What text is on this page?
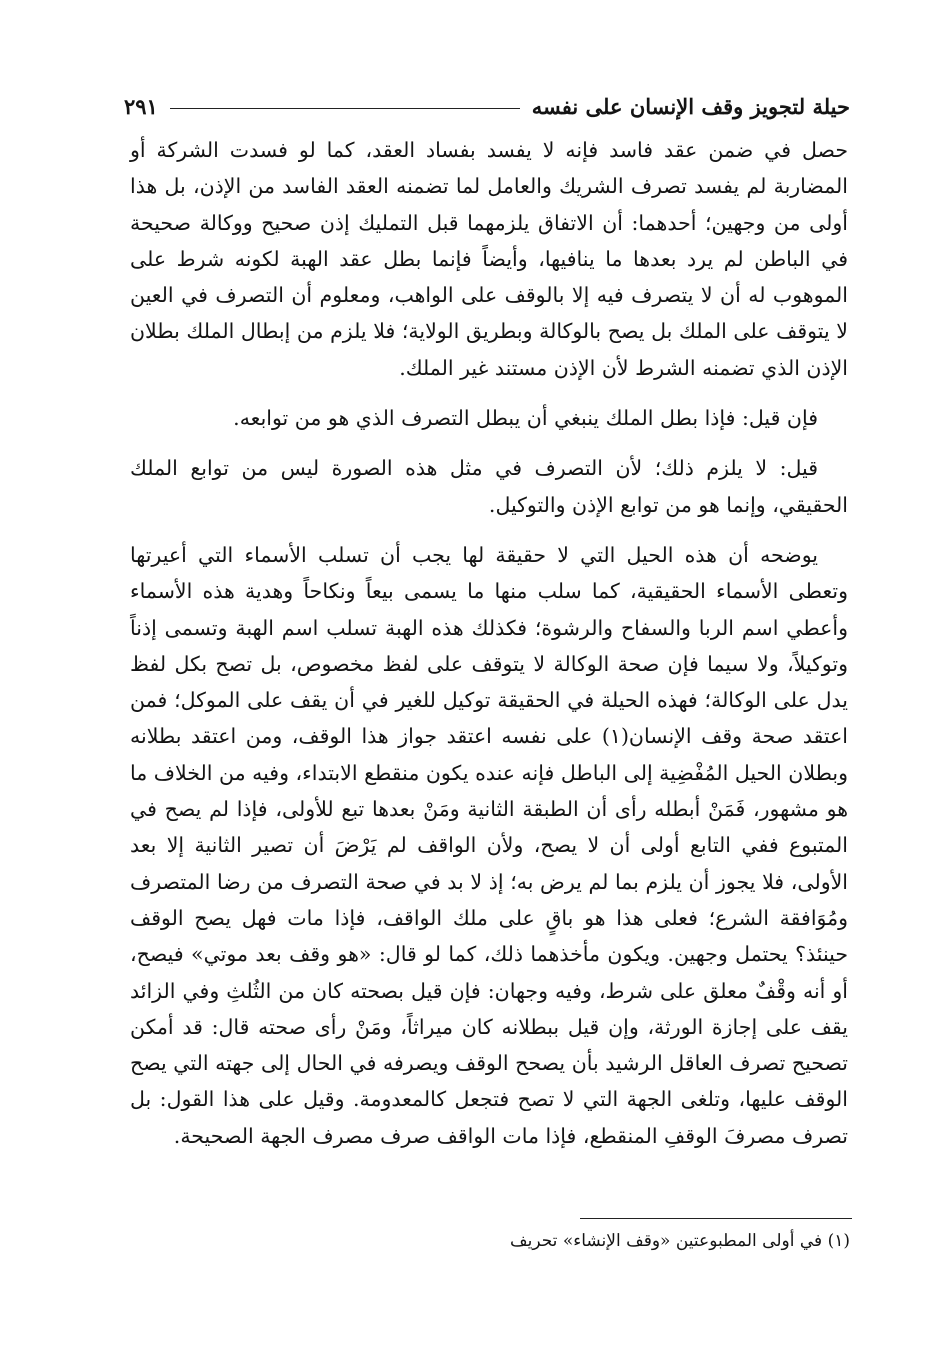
حيلة لتجويز وقف الإنسان على نفسه
٢٩١

حصل في ضمن عقد فاسد فإنه لا يفسد بفساد العقد، كما لو فسدت الشركة أو المضاربة لم يفسد تصرف الشريك والعامل لما تضمنه العقد الفاسد من الإذن، بل هذا أولى من وجهين؛ أحدهما: أن الاتفاق يلزمهما قبل التمليك إذن صحيح ووكالة صحيحة في الباطن لم يرد بعدها ما ينافيها، وأيضاً فإنما بطل عقد الهبة لكونه شرط على الموهوب له أن لا يتصرف فيه إلا بالوقف على الواهب، ومعلوم أن التصرف في العين لا يتوقف على الملك بل يصح بالوكالة وبطريق الولاية؛ فلا يلزم من إبطال الملك بطلان الإذن الذي تضمنه الشرط لأن الإذن مستند غير الملك.

فإن قيل: فإذا بطل الملك ينبغي أن يبطل التصرف الذي هو من توابعه.

قيل: لا يلزم ذلك؛ لأن التصرف في مثل هذه الصورة ليس من توابع الملك الحقيقي، وإنما هو من توابع الإذن والتوكيل.

يوضحه أن هذه الحيل التي لا حقيقة لها يجب أن تسلب الأسماء التي أعيرتها وتعطى الأسماء الحقيقية، كما سلب منها ما يسمى بيعاً ونكاحاً وهدية هذه الأسماء وأعطي اسم الربا والسفاح والرشوة؛ فكذلك هذه الهبة تسلب اسم الهبة وتسمى إذناً وتوكيلاً، ولا سيما فإن صحة الوكالة لا يتوقف على لفظ مخصوص، بل تصح بكل لفظ يدل على الوكالة؛ فهذه الحيلة في الحقيقة توكيل للغير في أن يقف على الموكل؛ فمن اعتقد صحة وقف الإنسان(١) على نفسه اعتقد جواز هذا الوقف، ومن اعتقد بطلانه وبطلان الحيل المُفْضِية إلى الباطل فإنه عنده يكون منقطع الابتداء، وفيه من الخلاف ما هو مشهور، فَمَنْ أبطله رأى أن الطبقة الثانية ومَنْ بعدها تبع للأولى، فإذا لم يصح في المتبوع ففي التابع أولى أن لا يصح، ولأن الواقف لم يَرْضَ أن تصير الثانية إلا بعد الأولى، فلا يجوز أن يلزم بما لم يرض به؛ إذ لا بد في صحة التصرف من رضا المتصرف ومُوَافقة الشرع؛ فعلى هذا هو باقٍ على ملك الواقف، فإذا مات فهل يصح الوقف حينئذ؟ يحتمل وجهين. ويكون مأخذهما ذلك، كما لو قال: «هو وقف بعد موتي» فيصح، أو أنه وقْفٌ معلق على شرط، وفيه وجهان: فإن قيل بصحته كان من الثُلثِ وفي الزائد يقف على إجازة الورثة، وإن قيل ببطلانه كان ميراثاً، ومَنْ رأى صحته قال: قد أمكن تصحيح تصرف العاقل الرشيد بأن يصحح الوقف ويصرفه في الحال إلى جهته التي يصح الوقف عليها، وتلغى الجهة التي لا تصح فتجعل كالمعدومة. وقيل على هذا القول: بل تصرف مصرفَ الوقفِ المنقطع، فإذا مات الواقف صرف مصرف الجهة الصحيحة.

(١) في أولى المطبوعتين «وقف الإنشاء» تحريف
